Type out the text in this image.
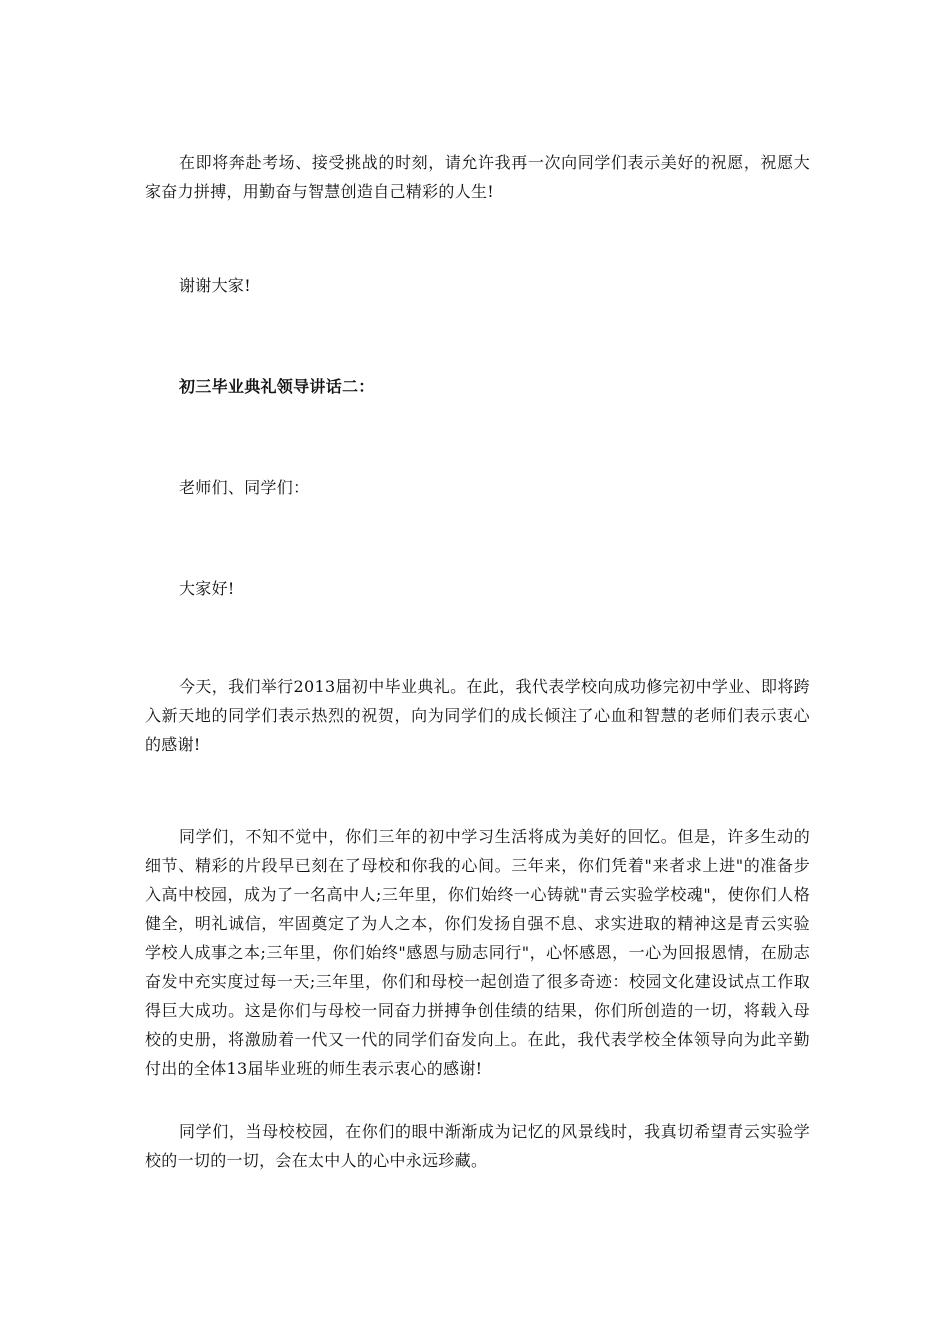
在即将奔赴考场、接受挑战的时刻，请允许我再一次向同学们表示美好的祝愿，祝愿大家奋力拼搏，用勤奋与智慧创造自己精彩的人生!

谢谢大家!

初三毕业典礼领导讲话二：

老师们、同学们：

大家好!

今天，我们举行2013届初中毕业典礼。在此，我代表学校向成功修完初中学业、即将跨入新天地的同学们表示热烈的祝贺，向为同学们的成长倾注了心血和智慧的老师们表示衷心的感谢!

同学们，不知不觉中，你们三年的初中学习生活将成为美好的回忆。但是，许多生动的细节、精彩的片段早已刻在了母校和你我的心间。三年来，你们凭着"来者求上进"的准备步入高中校园，成为了一名高中人;三年里，你们始终一心铸就"青云实验学校魂"，使你们人格健全，明礼诚信，牢固奠定了为人之本，你们发扬自强不息、求实进取的精神这是青云实验学校人成事之本;三年里，你们始终"感恩与励志同行"，心怀感恩，一心为回报恩情，在励志奋发中充实度过每一天;三年里，你们和母校一起创造了很多奇迹：校园文化建设试点工作取得巨大成功。这是你们与母校一同奋力拼搏争创佳绩的结果，你们所创造的一切，将载入母校的史册，将激励着一代又一代的同学们奋发向上。在此，我代表学校全体领导向为此辛勤付出的全体13届毕业班的师生表示衷心的感谢!

同学们，当母校校园，在你们的眼中渐渐成为记忆的风景线时，我真切希望青云实验学校的一切的一切，会在太中人的心中永远珍藏。
